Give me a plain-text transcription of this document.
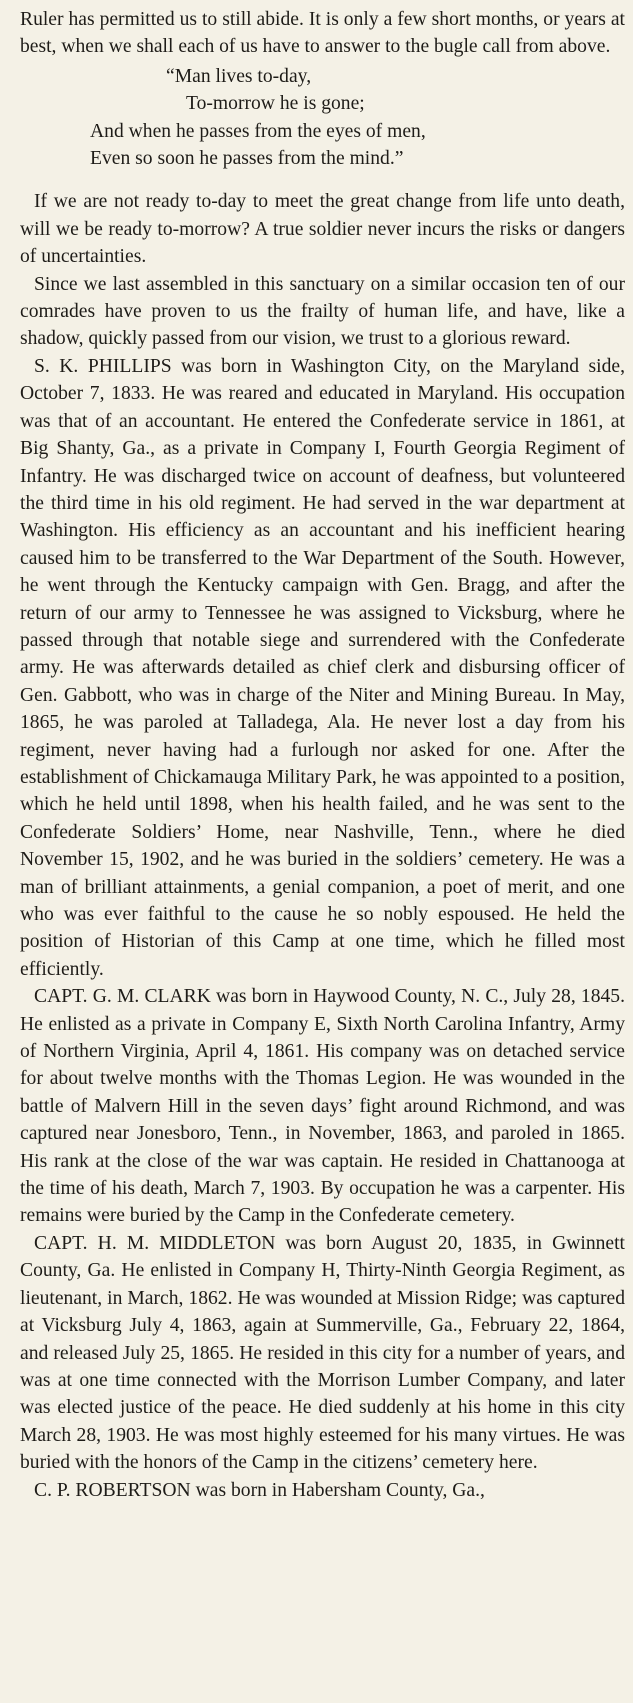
Ruler has permitted us to still abide. It is only a few short months, or years at best, when we shall each of us have to answer to the bugle call from above.

“Man lives to-day,
To-morrow he is gone;
And when he passes from the eyes of men,
Even so soon he passes from the mind.”

If we are not ready to-day to meet the great change from life unto death, will we be ready to-morrow? A true soldier never incurs the risks or dangers of uncertainties.

Since we last assembled in this sanctuary on a similar occasion ten of our comrades have proven to us the frailty of human life, and have, like a shadow, quickly passed from our vision, we trust to a glorious reward.

S. K. PHILLIPS was born in Washington City, on the Maryland side, October 7, 1833. He was reared and educated in Maryland. His occupation was that of an accountant. He entered the Confederate service in 1861, at Big Shanty, Ga., as a private in Company I, Fourth Georgia Regiment of Infantry. He was discharged twice on account of deafness, but volunteered the third time in his old regiment. He had served in the war department at Washington. His efficiency as an accountant and his inefficient hearing caused him to be transferred to the War Department of the South. However, he went through the Kentucky campaign with Gen. Bragg, and after the return of our army to Tennessee he was assigned to Vicksburg, where he passed through that notable siege and surrendered with the Confederate army. He was afterwards detailed as chief clerk and disbursing officer of Gen. Gabbott, who was in charge of the Niter and Mining Bureau. In May, 1865, he was paroled at Talladega, Ala. He never lost a day from his regiment, never having had a furlough nor asked for one. After the establishment of Chickamauga Military Park, he was appointed to a position, which he held until 1898, when his health failed, and he was sent to the Confederate Soldiers’ Home, near Nashville, Tenn., where he died November 15, 1902, and he was buried in the soldiers’ cemetery. He was a man of brilliant attainments, a genial companion, a poet of merit, and one who was ever faithful to the cause he so nobly espoused. He held the position of Historian of this Camp at one time, which he filled most efficiently.

CAPT. G. M. CLARK was born in Haywood County, N. C., July 28, 1845. He enlisted as a private in Company E, Sixth North Carolina Infantry, Army of Northern Virginia, April 4, 1861. His company was on detached service for about twelve months with the Thomas Legion. He was wounded in the battle of Malvern Hill in the seven days’ fight around Richmond, and was captured near Jonesboro, Tenn., in November, 1863, and paroled in 1865. His rank at the close of the war was captain. He resided in Chattanooga at the time of his death, March 7, 1903. By occupation he was a carpenter. His remains were buried by the Camp in the Confederate cemetery.

CAPT. H. M. MIDDLETON was born August 20, 1835, in Gwinnett County, Ga. He enlisted in Company H, Thirty-Ninth Georgia Regiment, as lieutenant, in March, 1862. He was wounded at Mission Ridge; was captured at Vicksburg July 4, 1863, again at Summerville, Ga., February 22, 1864, and released July 25, 1865. He resided in this city for a number of years, and was at one time connected with the Morrison Lumber Company, and later was elected justice of the peace. He died suddenly at his home in this city March 28, 1903. He was most highly esteemed for his many virtues. He was buried with the honors of the Camp in the citizens’ cemetery here.

C. P. ROBERTSON was born in Habersham County, Ga.,
